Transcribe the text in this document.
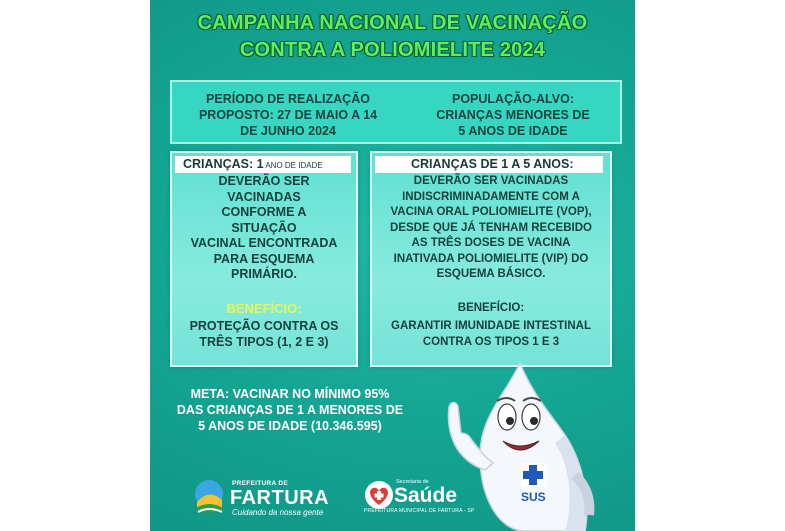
CAMPANHA NACIONAL DE VACINAÇÃO
CONTRA A POLIOMIELITE 2024
PERÍODO DE REALIZAÇÃO
PROPOSTO: 27 DE MAIO A 14
DE JUNHO 2024
POPULAÇÃO-ALVO:
CRIANÇAS MENORES DE
5 ANOS DE IDADE
CRIANÇAS: 1 ANO DE IDADE
DEVERÃO SER
VACINADAS
CONFORME A
SITUAÇÃO
VACINAL ENCONTRADA
PARA ESQUEMA
PRIMÁRIO.
BENEFÍCIO:
PROTEÇÃO CONTRA OS
TRÊS TIPOS (1, 2 E 3)
CRIANÇAS DE 1 A 5 ANOS:
DEVERÃO SER VACINADAS
INDISCRIMINADAMENTE COM A
VACINA ORAL POLIOMIELITE (VOP),
DESDE QUE JÁ TENHAM RECEBIDO
AS TRÊS DOSES DE VACINA
INATIVADA POLIOMIELITE (VIP) DO
ESQUEMA BÁSICO.
BENEFÍCIO:
GARANTIR IMUNIDADE INTESTINAL
CONTRA OS TIPOS 1 E 3
META: VACINAR NO MÍNIMO 95%
DAS CRIANÇAS DE 1 A MENORES DE
5 ANOS DE IDADE (10.346.595)
SUS
PREFEITURA DE
FARTURA
Cuidando da nossa gente
Secretaria de
Saúde
PREFEITURA MUNICIPAL DE FARTURA - SP
